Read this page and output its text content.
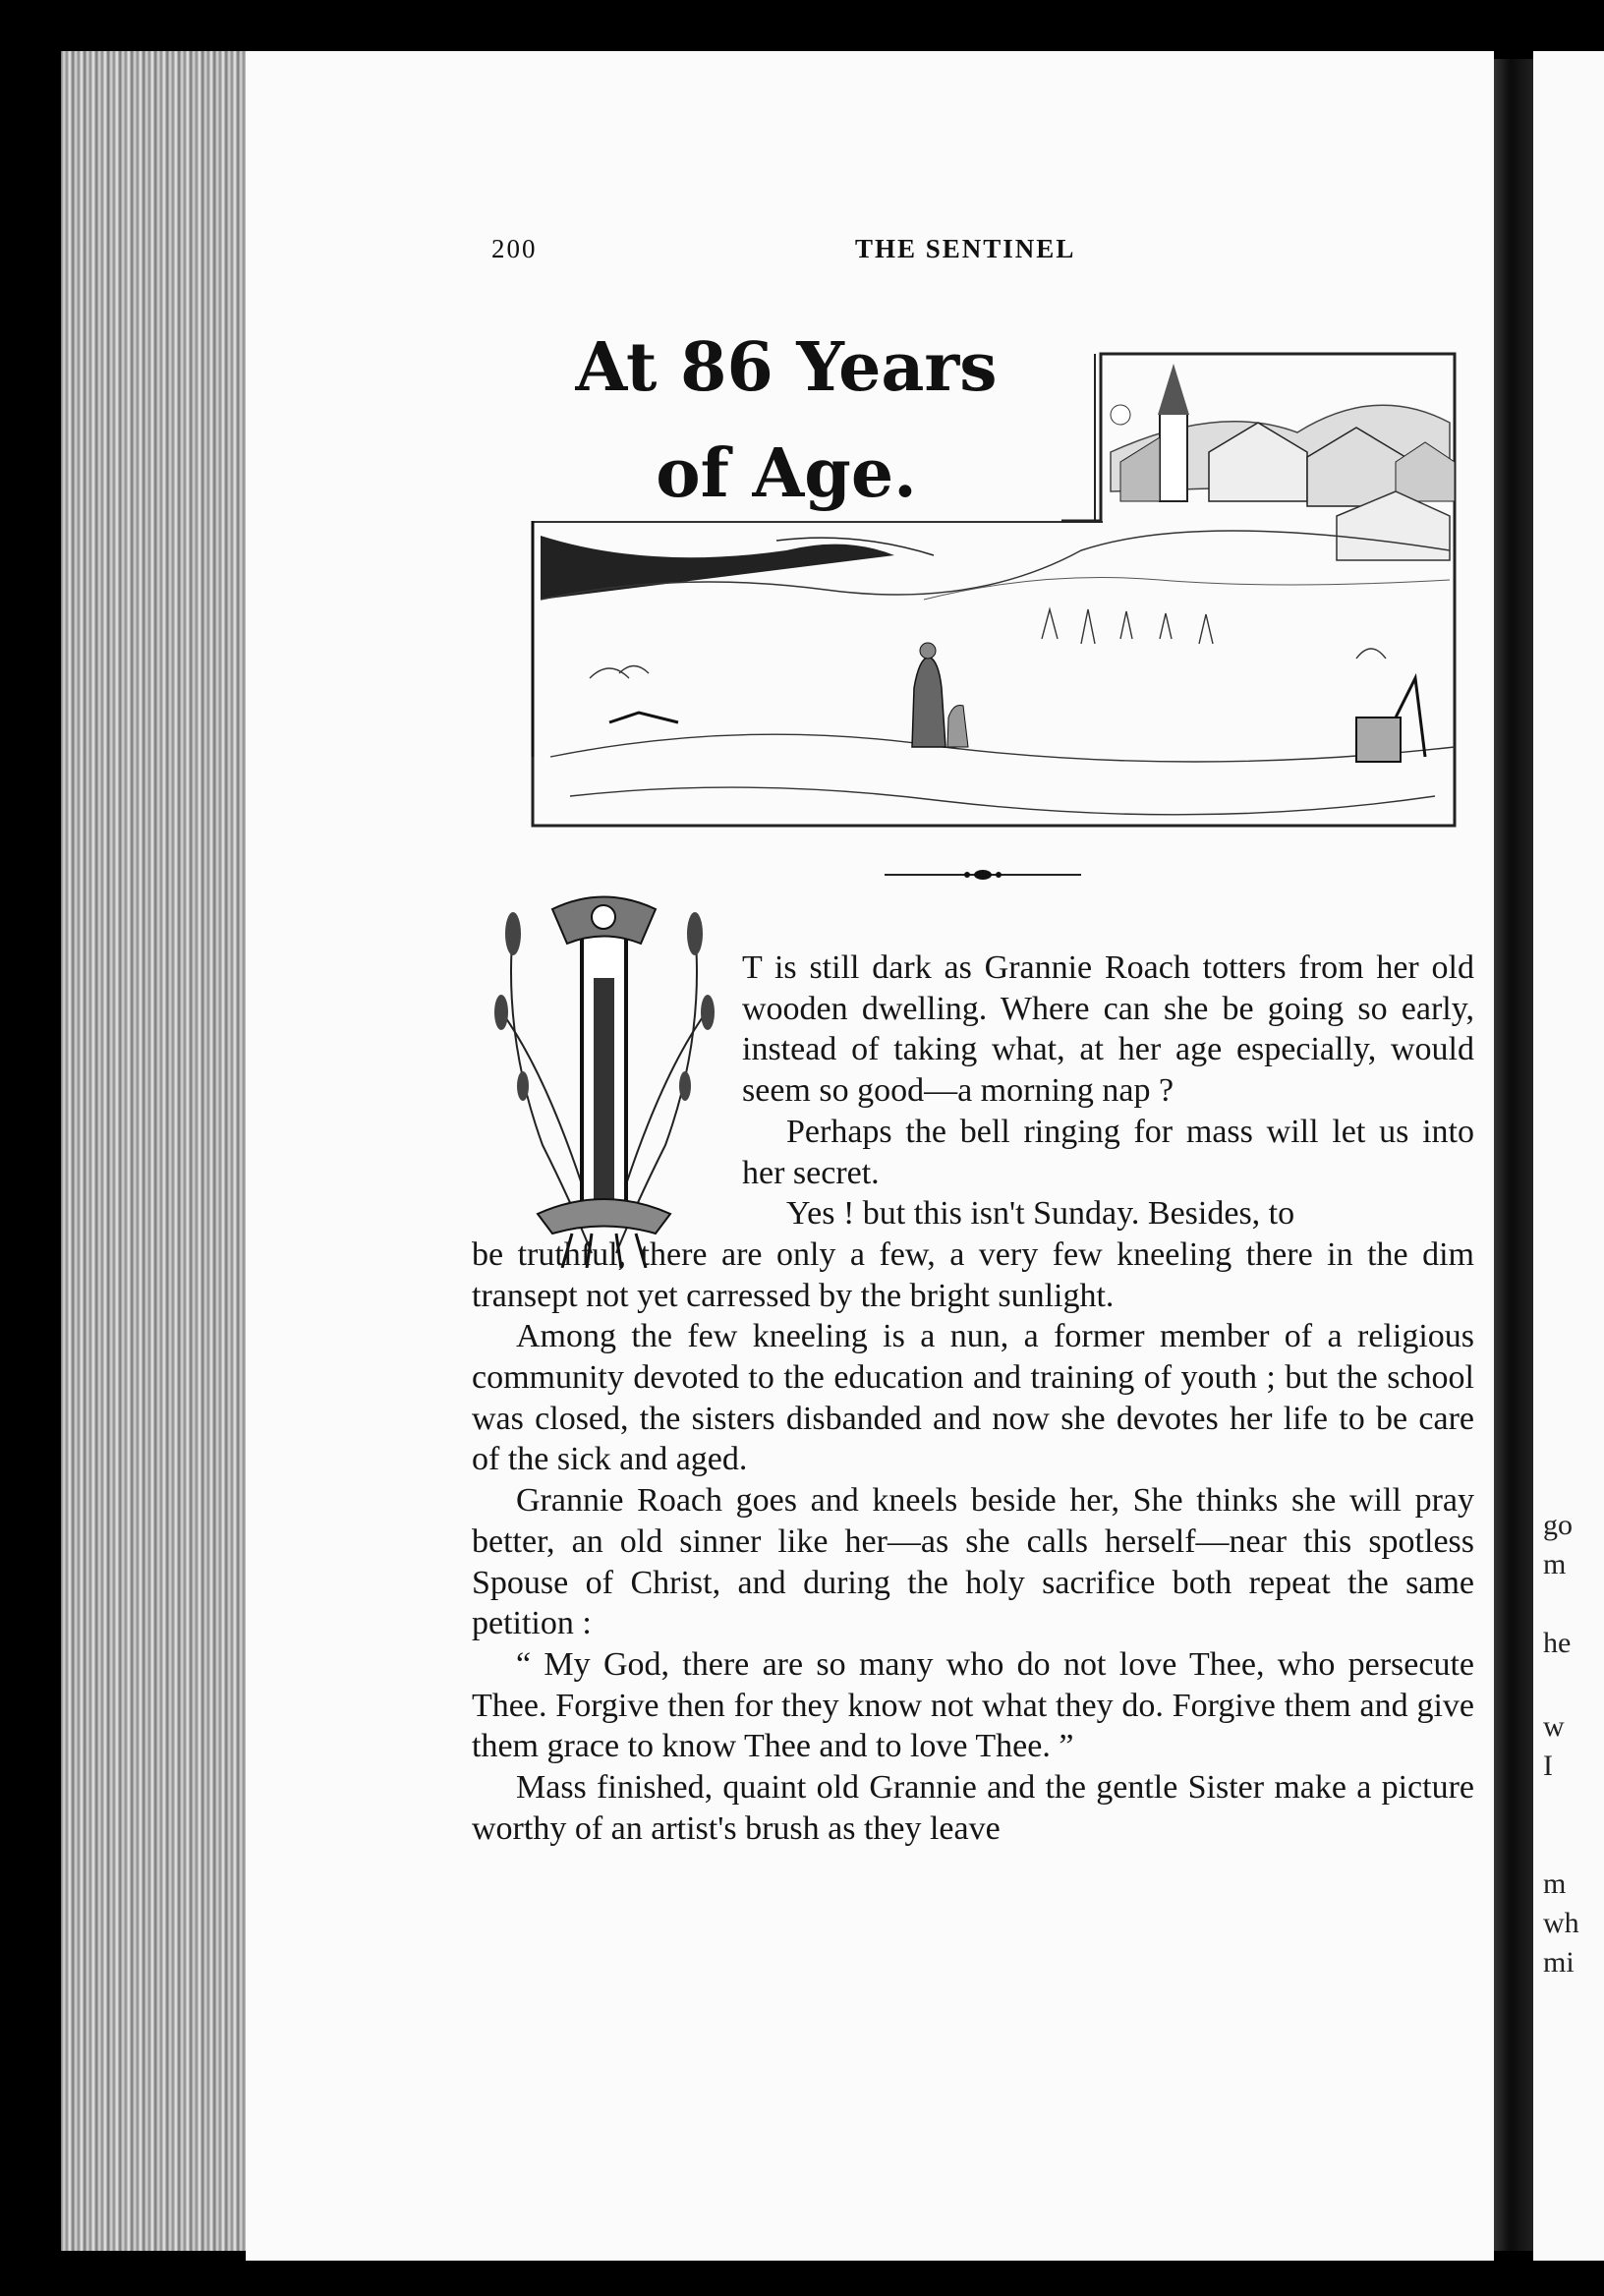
200	THE SENTINEL

T is still dark as Grannie Roach totters from her old wooden dwelling. Where can she be going so early, instead of taking what, at her age especially, would seem so good—a morning nap ?

Perhaps the bell ringing for mass will let us into her secret.

Yes ! but this isn't Sunday. Besides, to

be truthful, there are only a few, a very few kneeling there in the dim transept not yet carressed by the bright sunlight.

Among the few kneeling is a nun, a former member of a religious community devoted to the education and training of youth ; but the school was closed, the sisters disbanded and now she devotes her life to be care of the sick and aged.

Grannie Roach goes and kneels beside her, She thinks she will pray better, an old sinner like her—as she calls herself—near this spotless Spouse of Christ, and during the holy sacrifice both repeat the same petition :

“ My God, there are so many who do not love Thee, who persecute Thee. Forgive then for they know not what they do. Forgive them and give them grace to know Thee and to love Thee. ”

Mass finished, quaint old Grannie and the gentle Sister make a picture worthy of an artist's brush as they leave

At 86 Years
of Age.
go
m
he
w
I
m
wh
mi
